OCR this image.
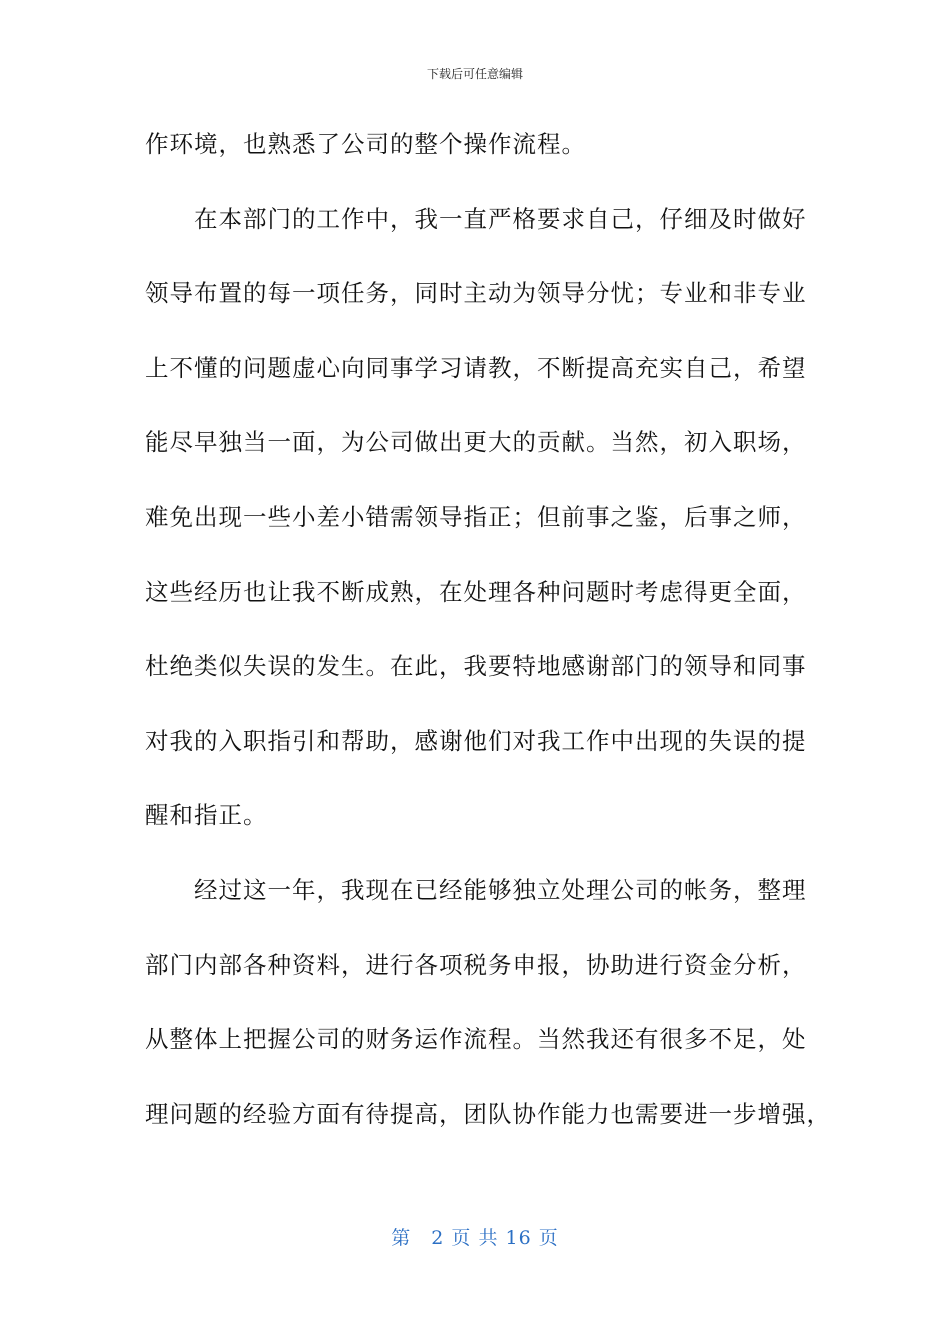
下载后可任意编辑
作环境，也熟悉了公司的整个操作流程。
　　在本部门的工作中，我一直严格要求自己，仔细及时做好
领导布置的每一项任务，同时主动为领导分忧；专业和非专业
上不懂的问题虚心向同事学习请教，不断提高充实自己，希望
能尽早独当一面，为公司做出更大的贡献。当然，初入职场，
难免出现一些小差小错需领导指正；但前事之鉴，后事之师，
这些经历也让我不断成熟，在处理各种问题时考虑得更全面，
杜绝类似失误的发生。在此，我要特地感谢部门的领导和同事
对我的入职指引和帮助，感谢他们对我工作中出现的失误的提
醒和指正。
　　经过这一年，我现在已经能够独立处理公司的帐务，整理
部门内部各种资料，进行各项税务申报，协助进行资金分析，
从整体上把握公司的财务运作流程。当然我还有很多不足，处
理问题的经验方面有待提高，团队协作能力也需要进一步增强，
第　2 页 共 16 页
